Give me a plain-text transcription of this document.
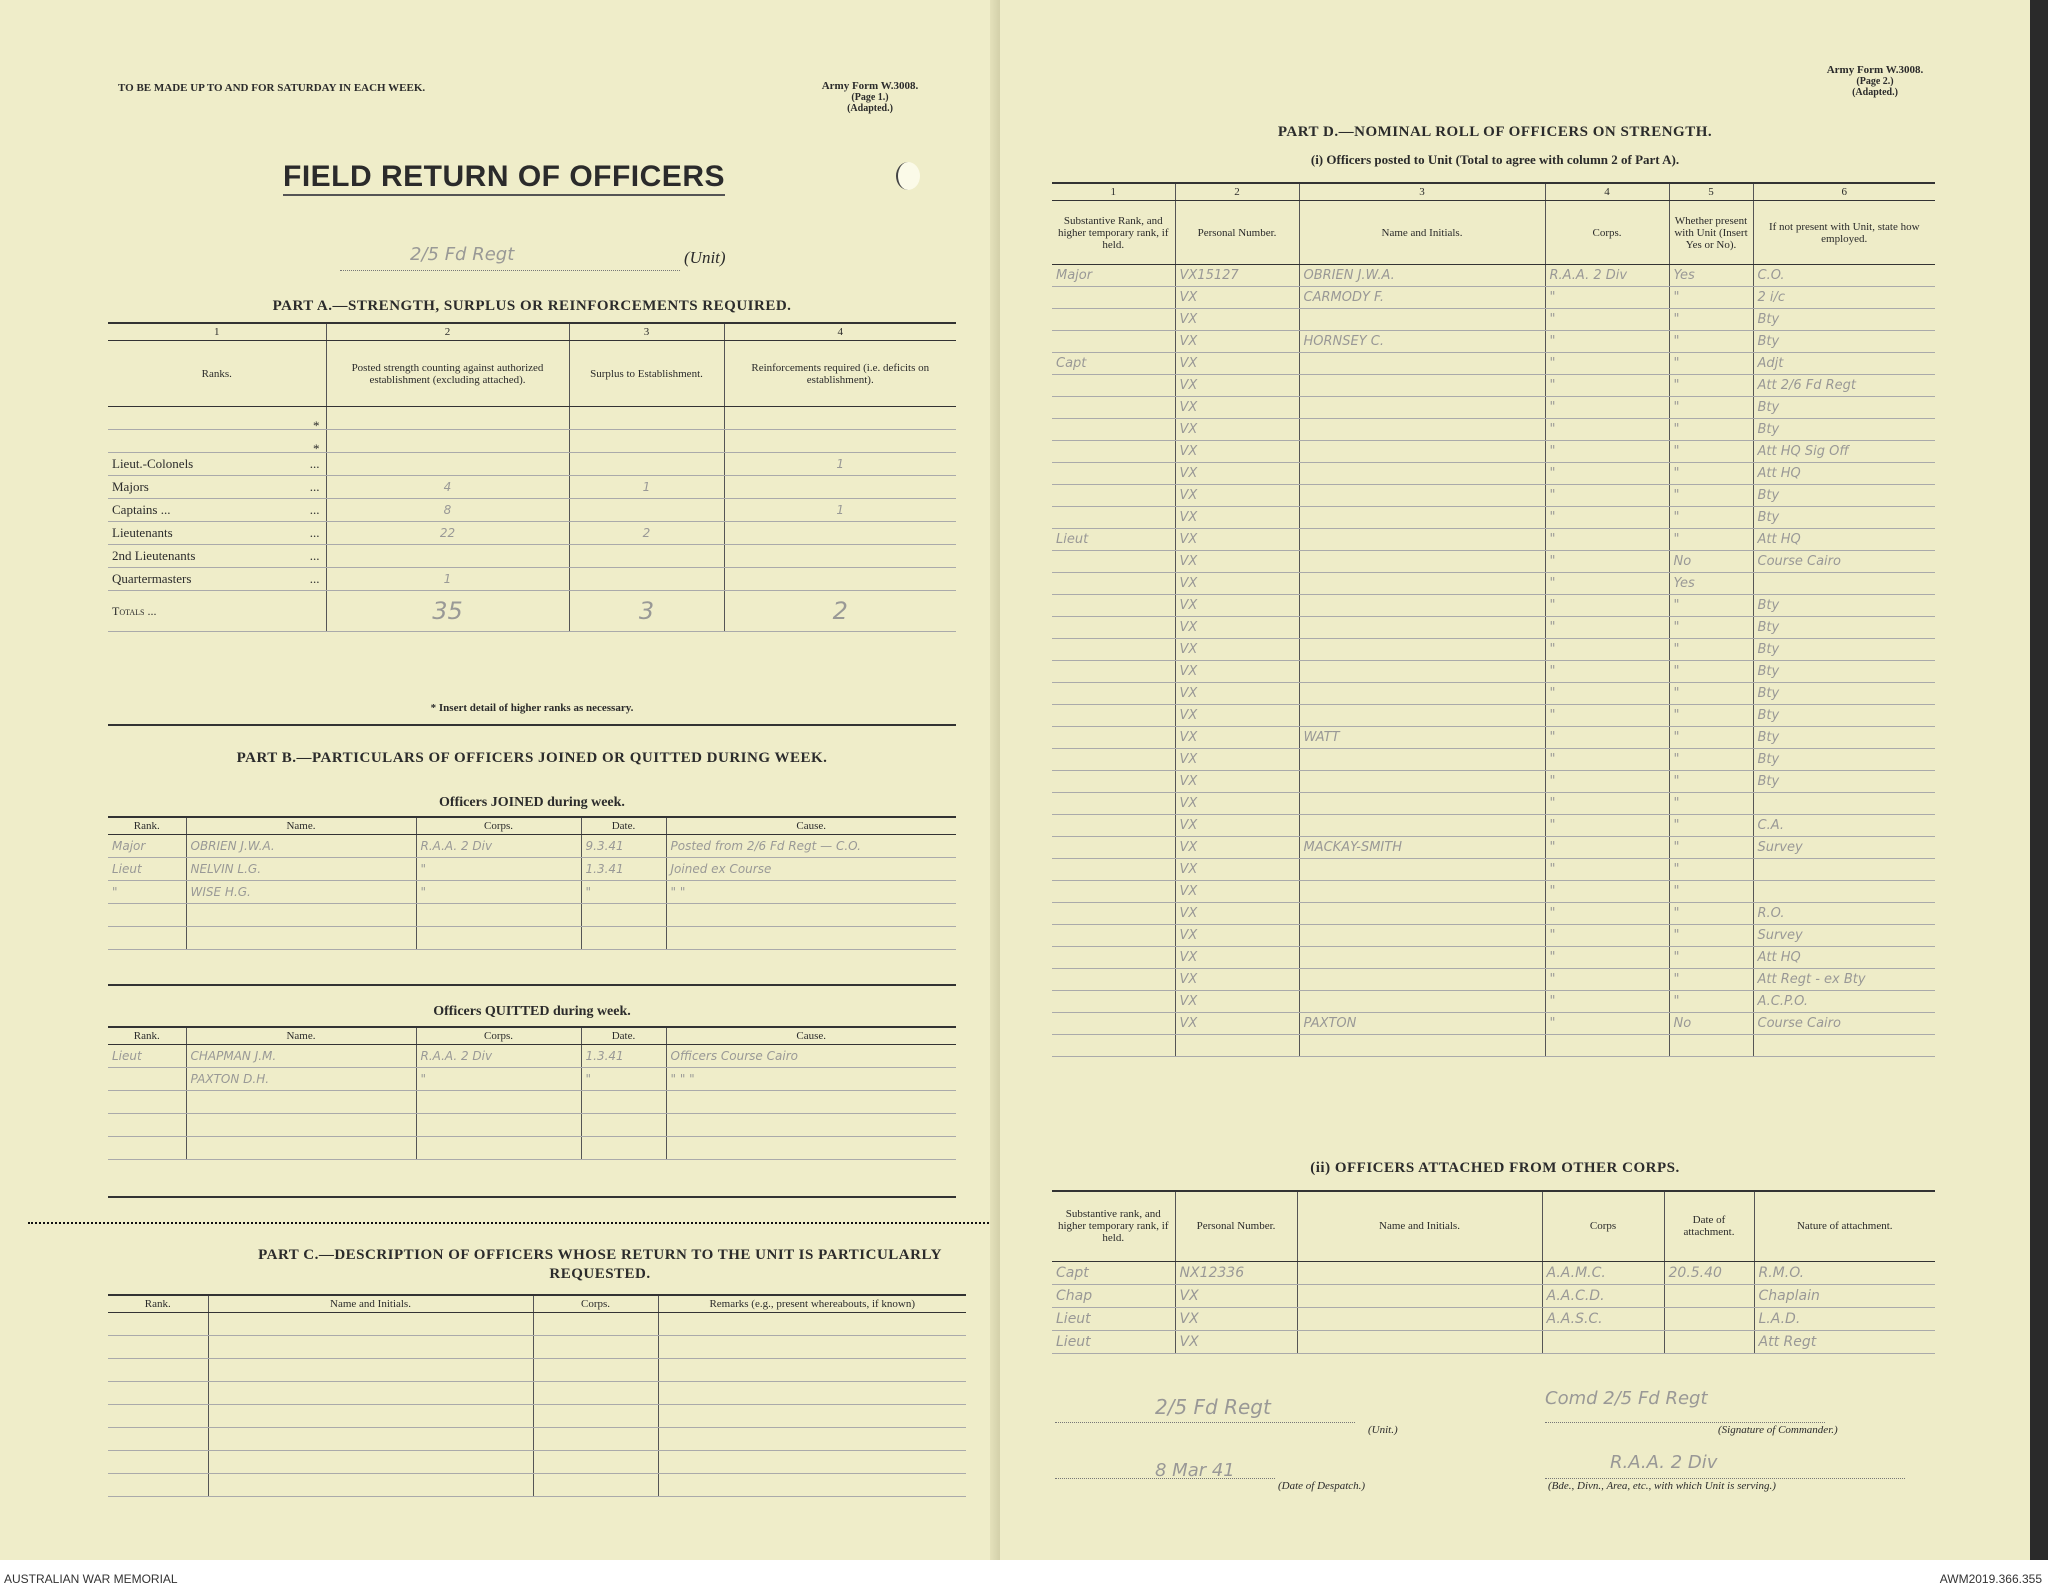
TO BE MADE UP TO AND FOR SATURDAY IN EACH WEEK.	Army Form W.3008.
(Page 1.)
(Adapted.)
FIELD RETURN OF OFFICERS
2/5 Fd Regt	(Unit)
PART A.—STRENGTH, SURPLUS OR REINFORCEMENTS REQUIRED.
1	2	3	4
Ranks.	Posted strength counting against authorized establishment (excluding attached).	Surplus to Establishment.	Reinforcements required (i.e. deficits on establishment).

*			

*			

Lieut.-Colonels ...			1
Majors ...	4	1	
Captains ... ...	8		1
Lieutenants ...	22	2	
2nd Lieutenants ...			

Quartermasters ...	1		
Totals ...	35	3	2
* Insert detail of higher ranks as necessary.
PART B.—PARTICULARS OF OFFICERS JOINED OR QUITTED DURING WEEK.
Officers JOINED during week.
Rank.	Name.	Corps.	Date.	Cause.
Major	OBRIEN J.W.A.	R.A.A. 2 Div	9.3.41	Posted from 2/6 Fd Regt — C.O.
Lieut	NELVIN L.G.	"	1.3.41	Joined ex Course
"	WISE H.G.	"	"	" "

Officers QUITTED during week.
Rank.	Name.	Corps.	Date.	Cause.
Lieut	CHAPMAN J.M.	R.A.A. 2 Div	1.3.41	Officers Course Cairo
	PAXTON D.H.	"	"	" " "

PART C.—DESCRIPTION OF OFFICERS WHOSE RETURN TO THE UNIT IS PARTICULARLY REQUESTED.
Rank.	Name and Initials.	Corps.	Remarks (e.g., present whereabouts, if known)

Army Form W.3008.
(Page 2.)
(Adapted.)
PART D.—NOMINAL ROLL OF OFFICERS ON STRENGTH.
(i) Officers posted to Unit (Total to agree with column 2 of Part A).
1	2	3	4	5	6
Substantive Rank, and higher temporary rank, if held.	Personal Number.	Name and Initials.	Corps.	Whether present with Unit (Insert Yes or No).	If not present with Unit, state how employed.
Major	VX15127	OBRIEN J.W.A.	R.A.A. 2 Div	Yes	C.O.
	VX	CARMODY F.	"	"	2 i/c
	VX		"	"	Bty
	VX	HORNSEY C.	"	"	Bty
Capt	VX		"	"	Adjt
	VX		"	"	Att 2/6 Fd Regt
	VX		"	"	Bty
	VX		"	"	Bty
	VX		"	"	Att HQ Sig Off
	VX		"	"	Att HQ
	VX		"	"	Bty
	VX		"	"	Bty
Lieut	VX		"	"	Att HQ
	VX		"	No	Course Cairo
	VX		"	Yes	
	VX		"	"	Bty
	VX		"	"	Bty
	VX		"	"	Bty
	VX		"	"	Bty
	VX		"	"	Bty
	VX		"	"	Bty
	VX	WATT	"	"	Bty
	VX		"	"	Bty
	VX		"	"	Bty
	VX		"	"	
	VX		"	"	C.A.
	VX	MACKAY-SMITH	"	"	Survey
	VX		"	"	
	VX		"	"	
	VX		"	"	R.O.
	VX		"	"	Survey
	VX		"	"	Att HQ
	VX		"	"	Att Regt - ex Bty
	VX		"	"	A.C.P.O.
	VX	PAXTON	"	No	Course Cairo

(ii) OFFICERS ATTACHED FROM OTHER CORPS.
Substantive rank, and higher temporary rank, if held.	Personal Number.	Name and Initials.	Corps	Date of attachment.	Nature of attachment.
Capt	NX12336		A.A.M.C.	20.5.40	R.M.O.
Chap	VX		A.A.C.D.		Chaplain
Lieut	VX		A.A.S.C.		L.A.D.
Lieut	VX				Att Regt
2/5 Fd Regt
(Unit.)
Comd 2/5 Fd Regt
(Signature of Commander.)
8 Mar 41
(Date of Despatch.)
R.A.A. 2 Div
(Bde., Divn., Area, etc., with which Unit is serving.)
AUSTRALIAN WAR MEMORIAL	AWM2019.366.355
